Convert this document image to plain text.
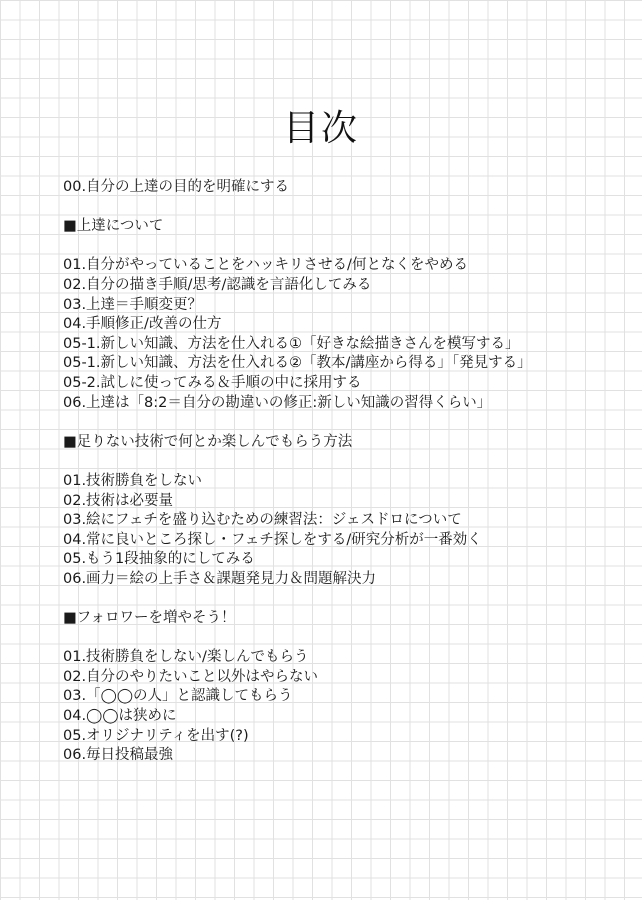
目次
00.自分の上達の目的を明確にする
■上達について
01.自分がやっていることをハッキリさせる/何となくをやめる
02.自分の描き手順/思考/認識を言語化してみる
03.上達＝手順変更？
04.手順修正/改善の仕方
05-1.新しい知識、方法を仕入れる①「好きな絵描きさんを模写する」
05-1.新しい知識、方法を仕入れる②「教本/講座から得る」「発見する」
05-2.試しに使ってみる＆手順の中に採用する
06.上達は「8:2＝自分の勘違いの修正:新しい知識の習得くらい」
■足りない技術で何とか楽しんでもらう方法
01.技術勝負をしない
02.技術は必要量
03.絵にフェチを盛り込むための練習法：ジェスドロについて
04.常に良いところ探し・フェチ探しをする/研究分析が一番効く
05.もう1段抽象的にしてみる
06.画力＝絵の上手さ＆課題発見力＆問題解決力
■フォロワーを増やそう！
01.技術勝負をしない/楽しんでもらう
02.自分のやりたいこと以外はやらない
03.「◯◯の人」と認識してもらう
04.◯◯は狭めに
05.オリジナリティを出す(?)
06.毎日投稿最強
